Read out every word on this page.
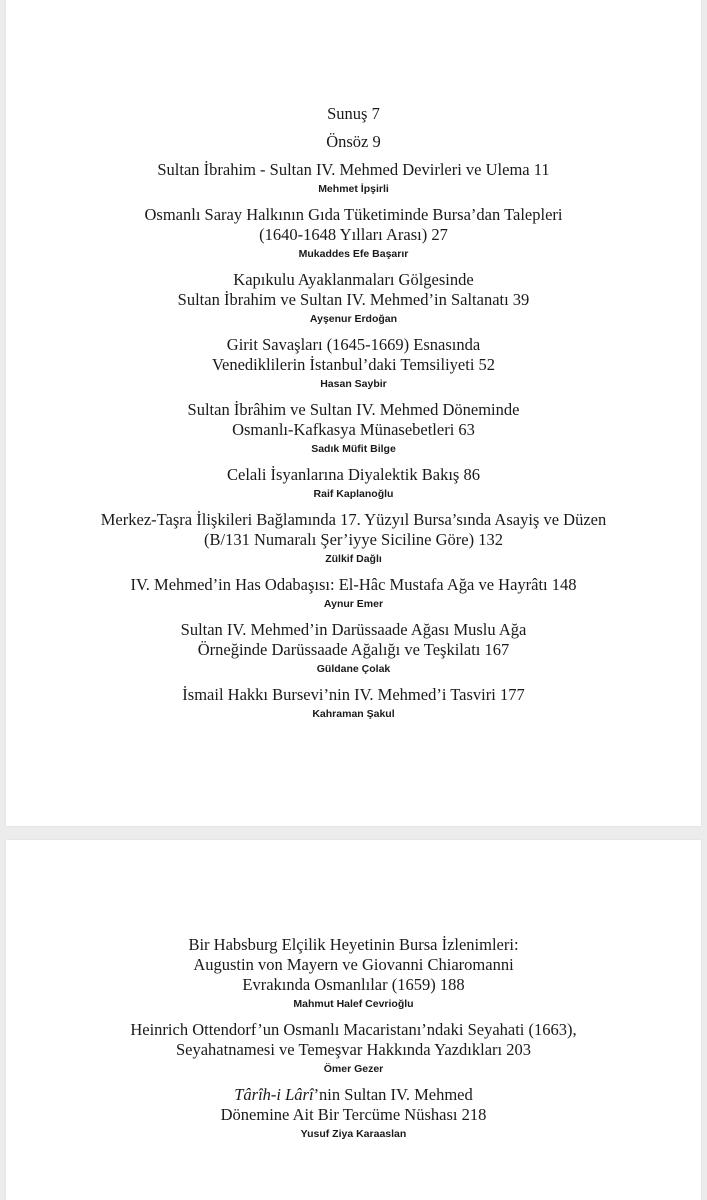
Sunuş 7
Önsöz 9
Sultan İbrahim - Sultan IV. Mehmed Devirleri ve Ulema 11
Mehmet İpşirli
Osmanlı Saray Halkının Gıda Tüketiminde Bursa’dan Talepleri
(1640-1648 Yılları Arası) 27
Mukaddes Efe Başarır
Kapıkulu Ayaklanmaları Gölgesinde
Sultan İbrahim ve Sultan IV. Mehmed’in Saltanatı 39
Ayşenur Erdoğan
Girit Savaşları (1645-1669) Esnasında
Venediklilerin İstanbul’daki Temsiliyeti 52
Hasan Saybir
Sultan İbrâhim ve Sultan IV. Mehmed Döneminde
Osmanlı-Kafkasya Münasebetleri 63
Sadık Müfit Bilge
Celali İsyanlarına Diyalektik Bakış 86
Raif Kaplanoğlu
Merkez-Taşra İlişkileri Bağlamında 17. Yüzyıl Bursa’sında Asayiş ve Düzen
(B/131 Numaralı Şer’iyye Siciline Göre) 132
Zülkif Dağlı
IV. Mehmed’in Has Odabaşısı: El-Hâc Mustafa Ağa ve Hayrâtı 148
Aynur Emer
Sultan IV. Mehmed’in Darüssaade Ağası Muslu Ağa
Örneğinde Darüssaade Ağalığı ve Teşkilatı 167
Güldane Çolak
İsmail Hakkı Bursevi’nin IV. Mehmed’i Tasviri 177
Kahraman Şakul
Bir Habsburg Elçilik Heyetinin Bursa İzlenimleri:
Augustin von Mayern ve Giovanni Chiaromanni
Evrakında Osmanlılar (1659) 188
Mahmut Halef Cevrioğlu
Heinrich Ottendorf’un Osmanlı Macaristanı’ndaki Seyahati (1663),
Seyahatnamesi ve Temeşvar Hakkında Yazdıkları 203
Ömer Gezer
Târîh-i Lârî’nin Sultan IV. Mehmed
Dönemine Ait Bir Tercüme Nüshası 218
Yusuf Ziya Karaaslan
